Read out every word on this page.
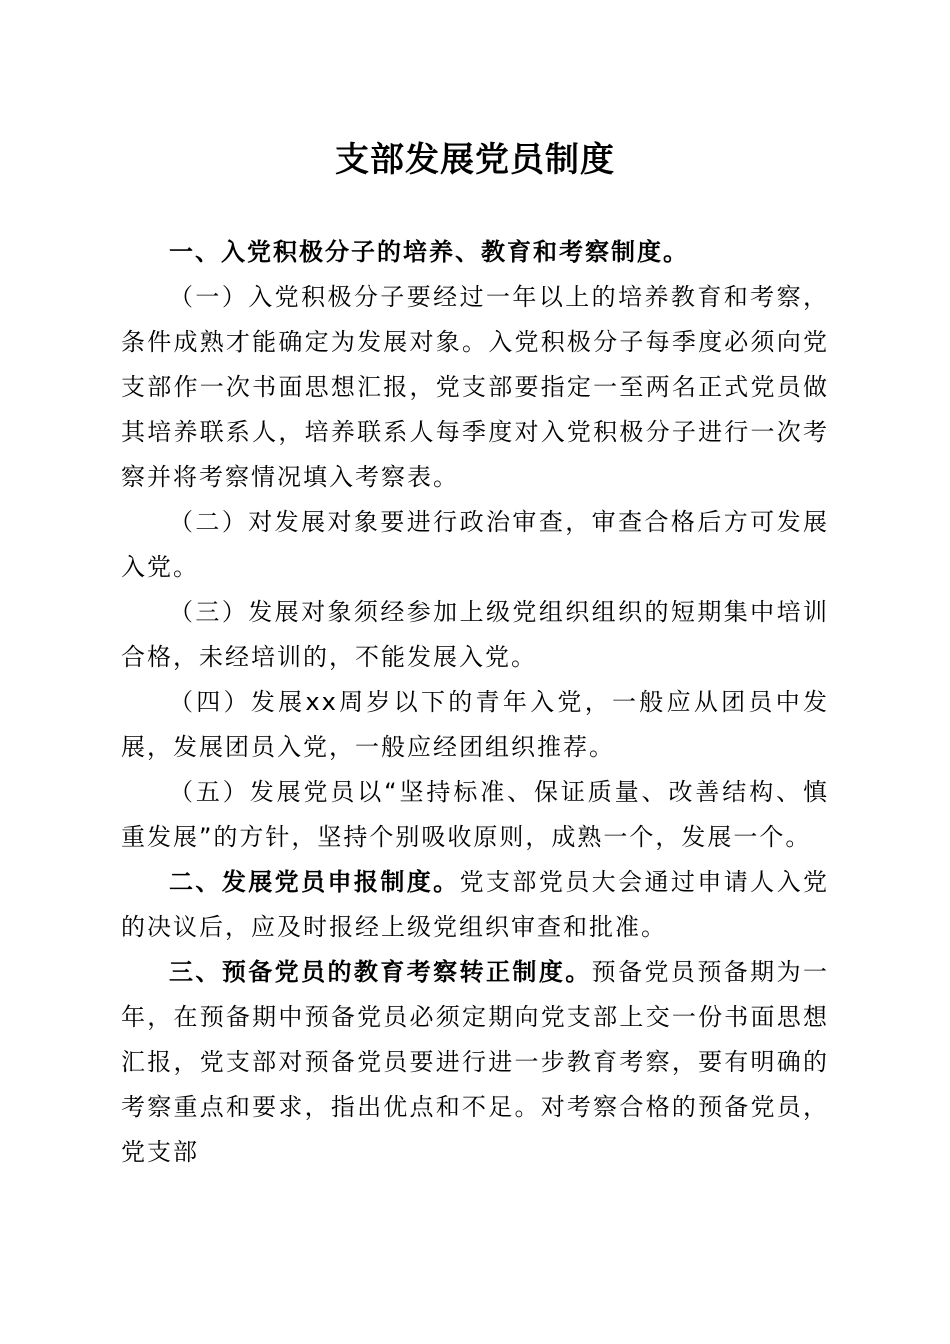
支部发展党员制度

一、入党积极分子的培养、教育和考察制度。

（一）入党积极分子要经过一年以上的培养教育和考察，条件成熟才能确定为发展对象。入党积极分子每季度必须向党支部作一次书面思想汇报，党支部要指定一至两名正式党员做其培养联系人，培养联系人每季度对入党积极分子进行一次考察并将考察情况填入考察表。

（二）对发展对象要进行政治审查，审查合格后方可发展入党。

（三）发展对象须经参加上级党组织组织的短期集中培训合格，未经培训的，不能发展入党。

（四）发展xx周岁以下的青年入党，一般应从团员中发展，发展团员入党，一般应经团组织推荐。

（五）发展党员以“坚持标准、保证质量、改善结构、慎重发展”的方针，坚持个别吸收原则，成熟一个，发展一个。

二、发展党员申报制度。党支部党员大会通过申请人入党的决议后，应及时报经上级党组织审查和批准。

三、预备党员的教育考察转正制度。预备党员预备期为一年，在预备期中预备党员必须定期向党支部上交一份书面思想汇报，党支部对预备党员要进行进一步教育考察，要有明确的考察重点和要求，指出优点和不足。对考察合格的预备党员，党支部
